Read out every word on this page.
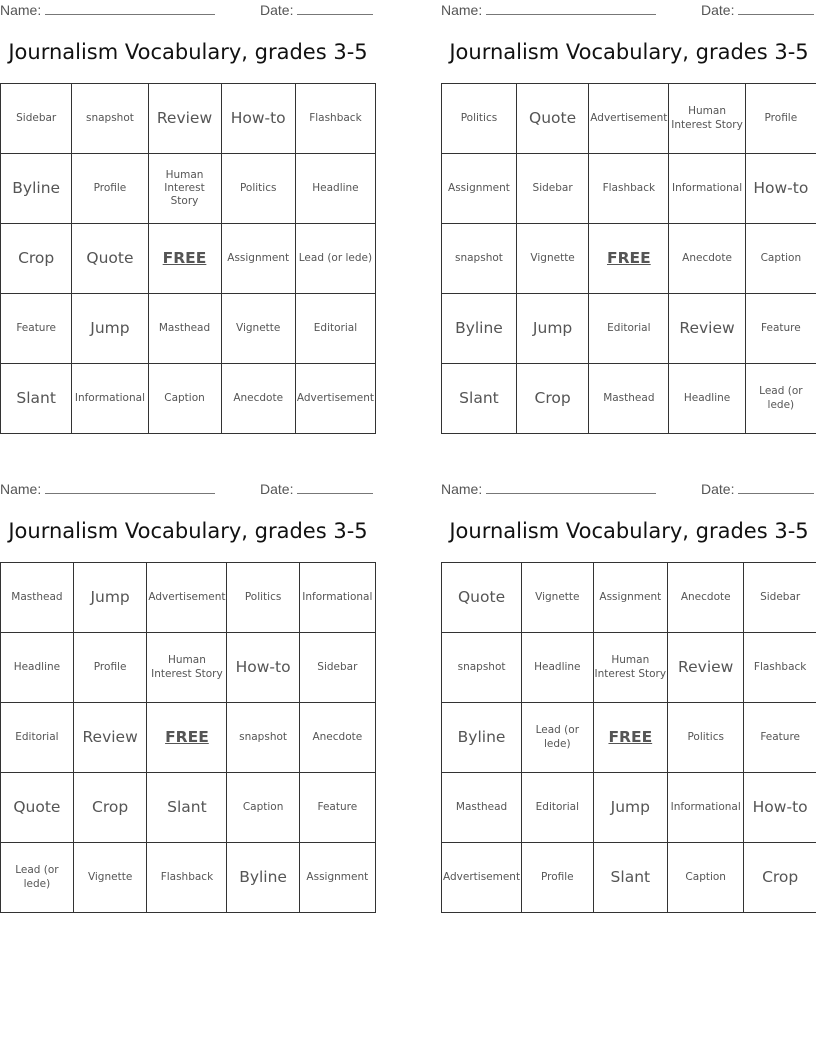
Name:	Date:
Journalism Vocabulary, grades 3-5
Sidebar	snapshot	Review	How-to	Flashback
Byline	Profile	Human Interest Story	Politics	Headline
Crop	Quote	FREE	Assignment	Lead (or lede)
Feature	Jump	Masthead	Vignette	Editorial
Slant	Informational	Caption	Anecdote	Advertisement
Name:	Date:
Journalism Vocabulary, grades 3-5
Politics	Quote	Advertisement	Human Interest Story	Profile
Assignment	Sidebar	Flashback	Informational	How-to
snapshot	Vignette	FREE	Anecdote	Caption
Byline	Jump	Editorial	Review	Feature
Slant	Crop	Masthead	Headline	Lead (or lede)
Name:	Date:
Journalism Vocabulary, grades 3-5
Masthead	Jump	Advertisement	Politics	Informational
Headline	Profile	Human Interest Story	How-to	Sidebar
Editorial	Review	FREE	snapshot	Anecdote
Quote	Crop	Slant	Caption	Feature
Lead (or lede)	Vignette	Flashback	Byline	Assignment
Name:	Date:
Journalism Vocabulary, grades 3-5
Quote	Vignette	Assignment	Anecdote	Sidebar
snapshot	Headline	Human Interest Story	Review	Flashback
Byline	Lead (or lede)	FREE	Politics	Feature
Masthead	Editorial	Jump	Informational	How-to
Advertisement	Profile	Slant	Caption	Crop
